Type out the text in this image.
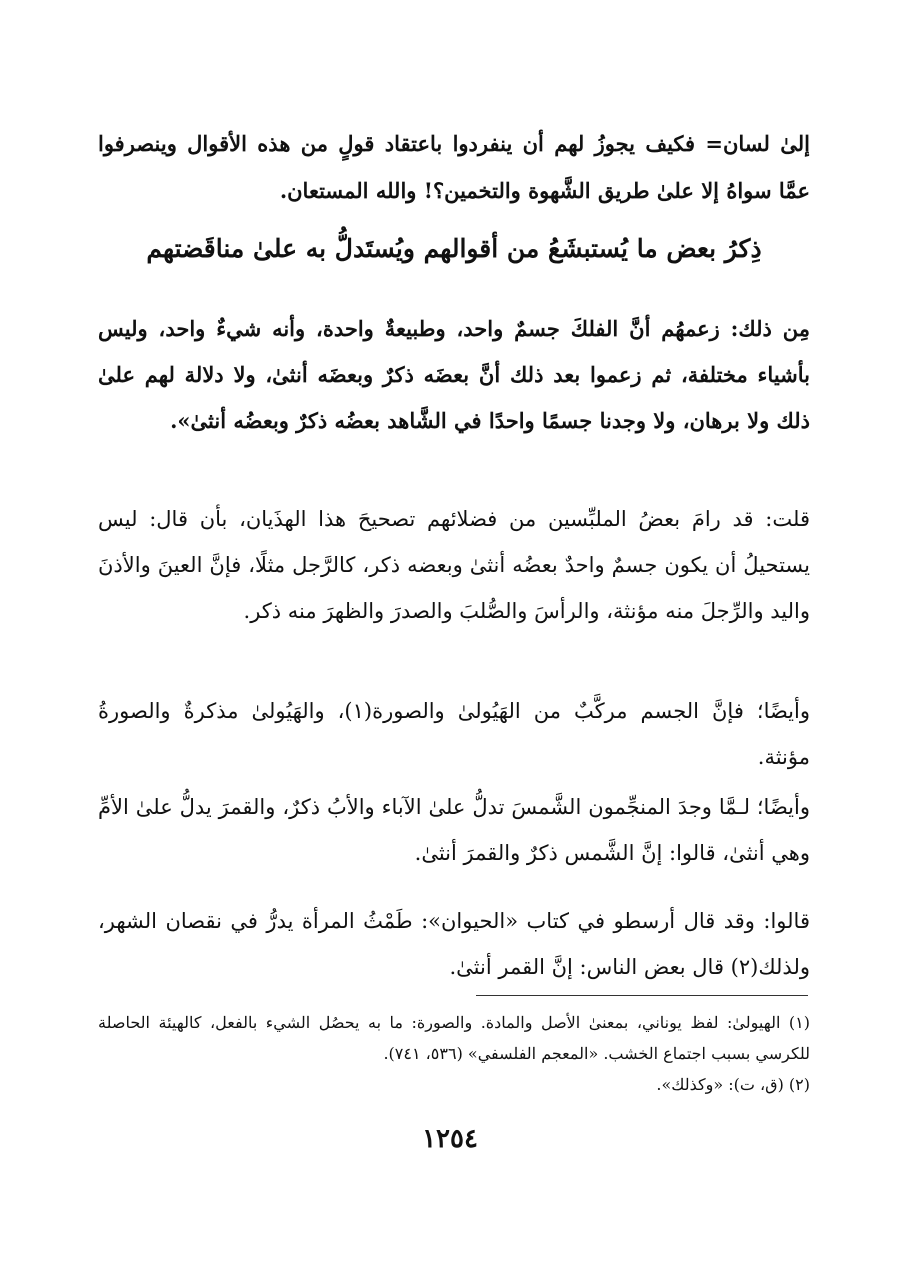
إلىٰ لسان= فكيف يجوزُ لهم أن ينفردوا باعتقاد قولٍ من هذه الأقوال وينصرفوا عمَّا سواهُ إلا علىٰ طريق الشَّهوة والتخمين؟! والله المستعان.

ذِكرُ بعض ما يُستبشَعُ من أقوالهم ويُستَدلُّ به علىٰ مناقَضتهم

مِن ذلك: زعمهُم أنَّ الفلكَ جسمٌ واحد، وطبيعةٌ واحدة، وأنه شيءٌ واحد، وليس بأشياء مختلفة، ثم زعموا بعد ذلك أنَّ بعضَه ذكرٌ وبعضَه أنثىٰ، ولا دلالة لهم علىٰ ذلك ولا برهان، ولا وجدنا جسمًا واحدًا في الشَّاهد بعضُه ذكرٌ وبعضُه أنثىٰ».

قلت: قد رامَ بعضُ الملبِّسين من فضلائهم تصحيحَ هذا الهذَيان، بأن قال: ليس يستحيلُ أن يكون جسمٌ واحدٌ بعضُه أنثىٰ وبعضه ذكر، كالرَّجل مثلًا، فإنَّ العينَ والأذنَ واليد والرِّجلَ منه مؤنثة، والرأسَ والصُّلبَ والصدرَ والظهرَ منه ذكر.

وأيضًا؛ فإنَّ الجسم مركَّبٌ من الهَيُولىٰ والصورة(١)، والهَيُولىٰ مذكرةٌ والصورةُ مؤنثة.

وأيضًا؛ لـمَّا وجدَ المنجِّمون الشَّمسَ تدلُّ علىٰ الآباء والأبُ ذكرٌ، والقمرَ يدلُّ علىٰ الأمِّ وهي أنثىٰ، قالوا: إنَّ الشَّمس ذكرٌ والقمرَ أنثىٰ.

قالوا: وقد قال أرسطو في كتاب «الحيوان»: طَمْثُ المرأة يدرُّ في نقصان الشهر، ولذلك(٢) قال بعض الناس: إنَّ القمر أنثىٰ.

(١) الهيولىٰ: لفظ يوناني، بمعنىٰ الأصل والمادة. والصورة: ما به يحصُل الشيء بالفعل، كالهيئة الحاصلة للكرسي بسبب اجتماع الخشب. «المعجم الفلسفي» (٥٣٦، ٧٤١).

(٢) (ق، ت): «وكذلك».

١٢٥٤
